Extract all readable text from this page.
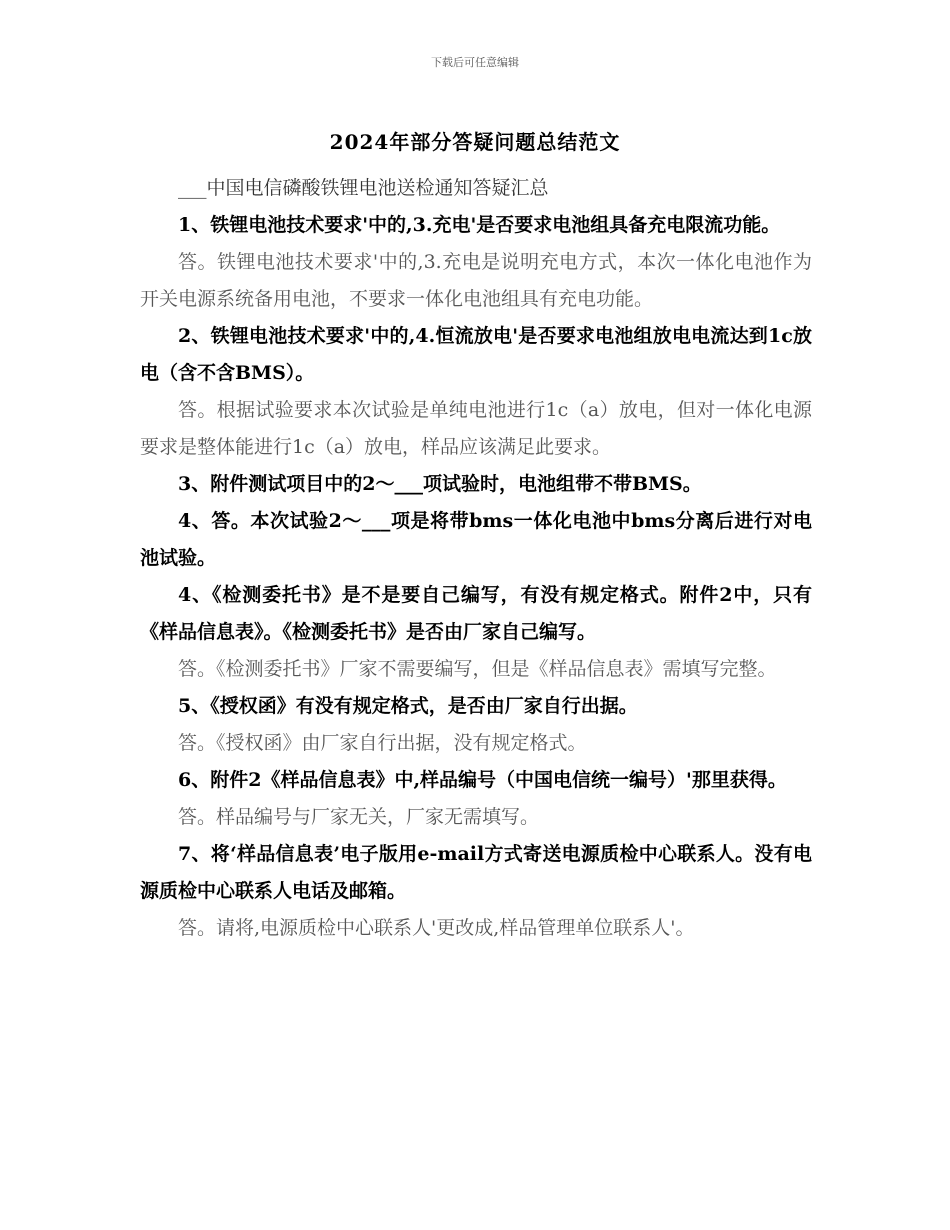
下载后可任意编辑
2024年部分答疑问题总结范文

___中国电信磷酸铁锂电池送检通知答疑汇总

1、铁锂电池技术要求'中的,3.充电'是否要求电池组具备充电限流功能。

答。铁锂电池技术要求'中的,3.充电是说明充电方式，本次一体化电池作为开关电源系统备用电池，不要求一体化电池组具有充电功能。

2、铁锂电池技术要求'中的,4.恒流放电'是否要求电池组放电电流达到1c放电（含不含BMS）。

答。根据试验要求本次试验是单纯电池进行1c（a）放电，但对一体化电源要求是整体能进行1c（a）放电，样品应该满足此要求。

3、附件测试项目中的2～___项试验时，电池组带不带BMS。

4、答。本次试验2～___项是将带bms一体化电池中bms分离后进行对电池试验。

4、《检测委托书》是不是要自己编写，有没有规定格式。附件2中，只有《样品信息表》。《检测委托书》是否由厂家自己编写。

答。《检测委托书》厂家不需要编写，但是《样品信息表》需填写完整。

5、《授权函》有没有规定格式，是否由厂家自行出据。

答。《授权函》由厂家自行出据，没有规定格式。

6、附件2《样品信息表》中,样品编号（中国电信统一编号）'那里获得。

答。样品编号与厂家无关，厂家无需填写。

7、将‘样品信息表’电子版用e-mail方式寄送电源质检中心联系人。没有电源质检中心联系人电话及邮箱。

答。请将,电源质检中心联系人'更改成,样品管理单位联系人'。
